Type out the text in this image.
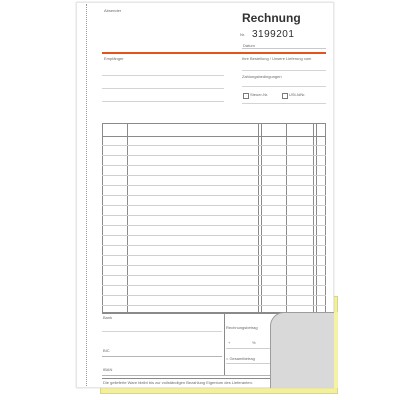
Absender
Rechnung
Nr. 3199201
Datum
Empfänger	Ihre Bestellung / Unsere Lieferung vom
Zahlungsbedingungen
Steuer-Nr.	USt-IdNr.
Bank
BIC
IBAN
Rechnungsbetrag
+	%
= Gesamtbetrag
Die gelieferte Ware bleibt bis zur vollständigen Bezahlung Eigentum des Lieferanten.
